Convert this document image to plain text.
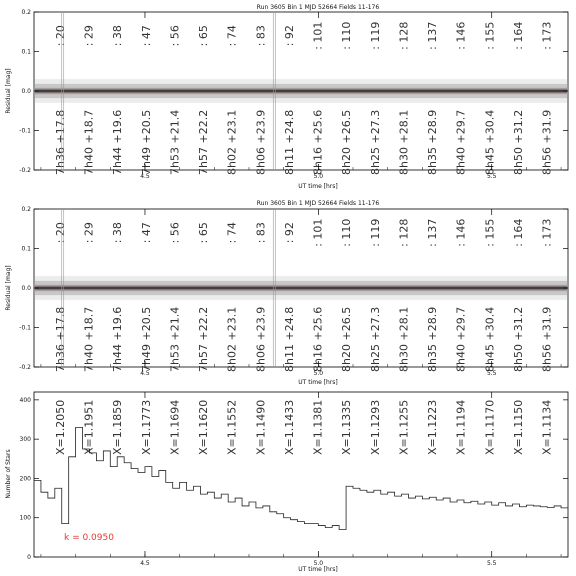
Run 3605 Bin 1 MJD 52664 Fields 11-176
: 20 : 29 : 38 : 47 : 56 : 65 : 74 : 83 : 92 : 101 : 110 : 119 : 128 : 137 : 146 : 155 : 164 : 173
7h36 +17.8 7h40 +18.7 7h44 +19.6 7h49 +20.5 7h53 +21.4 7h57 +22.2 8h02 +23.1 8h06 +23.9 8h11 +24.8 8h16 +25.6 8h20 +26.5 8h25 +27.3 8h30 +28.1 8h35 +28.9 8h40 +29.7 8h45 +30.4 8h50 +31.2 8h56 +31.9
-0.2
-0.1
0.0
0.1
0.2
4.5	5.0	5.5
Residual [mag]
UT time [hrs]
Run 3605 Bin 1 MJD 52664 Fields 11-176
: 20 : 29 : 38 : 47 : 56 : 65 : 74 : 83 : 92 : 101 : 110 : 119 : 128 : 137 : 146 : 155 : 164 : 173
7h36 +17.8 7h40 +18.7 7h44 +19.6 7h49 +20.5 7h53 +21.4 7h57 +22.2 8h02 +23.1 8h06 +23.9 8h11 +24.8 8h16 +25.6 8h20 +26.5 8h25 +27.3 8h30 +28.1 8h35 +28.9 8h40 +29.7 8h45 +30.4 8h50 +31.2 8h56 +31.9
-0.2
-0.1
0.0
0.1
0.2
4.5	5.0	5.5
Residual [mag]
UT time [hrs]
X=1.2050 X=1.1951 X=1.1859 X=1.1773 X=1.1694 X=1.1620 X=1.1552 X=1.1490 X=1.1433 X=1.1381 X=1.1335 X=1.1293 X=1.1255 X=1.1223 X=1.1194 X=1.1170 X=1.1150 X=1.1134
0
100
200
300
400
4.5	5.0	5.5
Number of Stars
UT time [hrs]
k = 0.0950
